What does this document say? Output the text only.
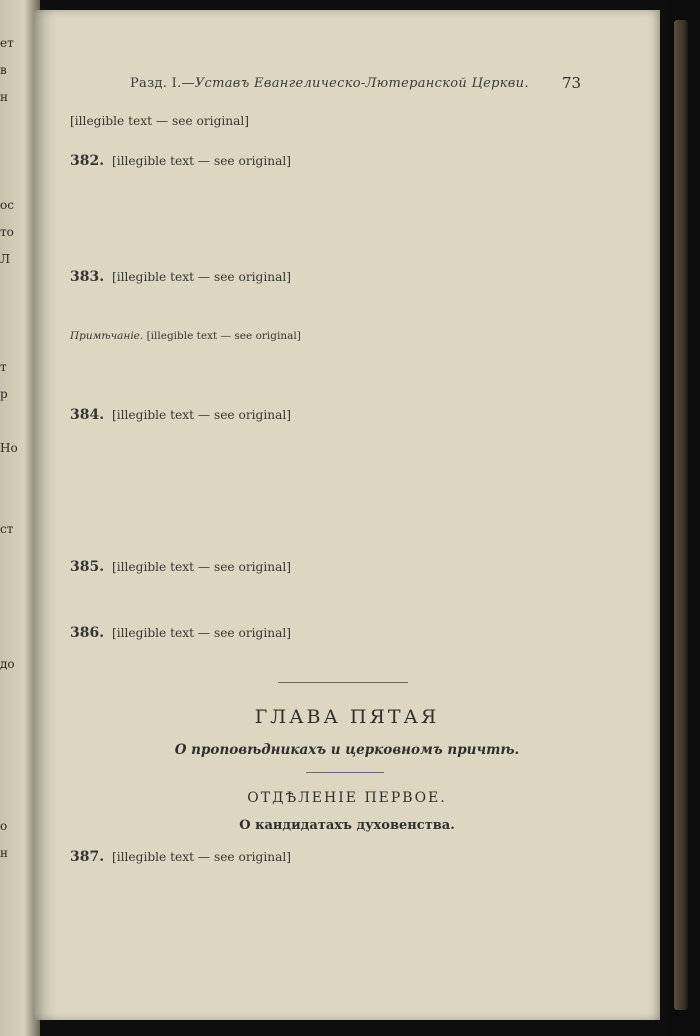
ет
в
н

ос
то
Л

т
р

Но

ст

до

о
н
Разд. I.—Уставъ Евангелическо-Лютеранской Церкви.	73
[illegible text — see original]
382. [illegible text — see original]
383. [illegible text — see original]
Примѣчаніе. [illegible text — see original]
384. [illegible text — see original]
385. [illegible text — see original]
386. [illegible text — see original]
ГЛАВА ПЯТАЯ
О проповѣдникахъ и церковномъ причтѣ.
ОТДѢЛЕНІЕ ПЕРВОЕ.
О кандидатахъ духовенства.
387. [illegible text — see original]
